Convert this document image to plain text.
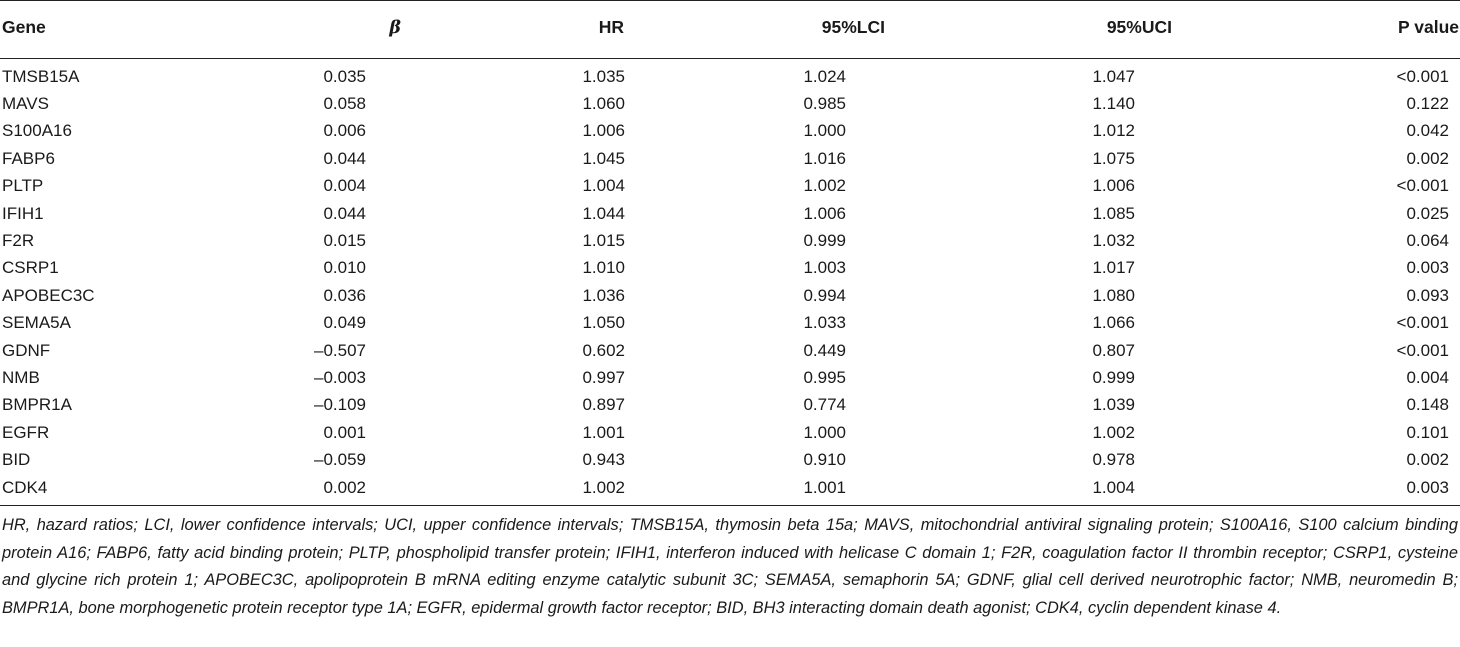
Gene	β	HR	95%LCI	95%UCI	P value
TMSB15A	0.035	1.035	1.024	1.047	<0.001
MAVS	0.058	1.060	0.985	1.140	0.122
S100A16	0.006	1.006	1.000	1.012	0.042
FABP6	0.044	1.045	1.016	1.075	0.002
PLTP	0.004	1.004	1.002	1.006	<0.001
IFIH1	0.044	1.044	1.006	1.085	0.025
F2R	0.015	1.015	0.999	1.032	0.064
CSRP1	0.010	1.010	1.003	1.017	0.003
APOBEC3C	0.036	1.036	0.994	1.080	0.093
SEMA5A	0.049	1.050	1.033	1.066	<0.001
GDNF	–0.507	0.602	0.449	0.807	<0.001
NMB	–0.003	0.997	0.995	0.999	0.004
BMPR1A	–0.109	0.897	0.774	1.039	0.148
EGFR	0.001	1.001	1.000	1.002	0.101
BID	–0.059	0.943	0.910	0.978	0.002
CDK4	0.002	1.002	1.001	1.004	0.003

HR, hazard ratios; LCI, lower confidence intervals; UCI, upper confidence intervals; TMSB15A, thymosin beta 15a; MAVS, mitochondrial antiviral signaling protein; S100A16, S100 calcium binding protein A16; FABP6, fatty acid binding protein; PLTP, phospholipid transfer protein; IFIH1, interferon induced with helicase C domain 1; F2R, coagulation factor II thrombin receptor; CSRP1, cysteine and glycine rich protein 1; APOBEC3C, apolipoprotein B mRNA editing enzyme catalytic subunit 3C; SEMA5A, semaphorin 5A; GDNF, glial cell derived neurotrophic factor; NMB, neuromedin B; BMPR1A, bone morphogenetic protein receptor type 1A; EGFR, epidermal growth factor receptor; BID, BH3 interacting domain death agonist; CDK4, cyclin dependent kinase 4.
